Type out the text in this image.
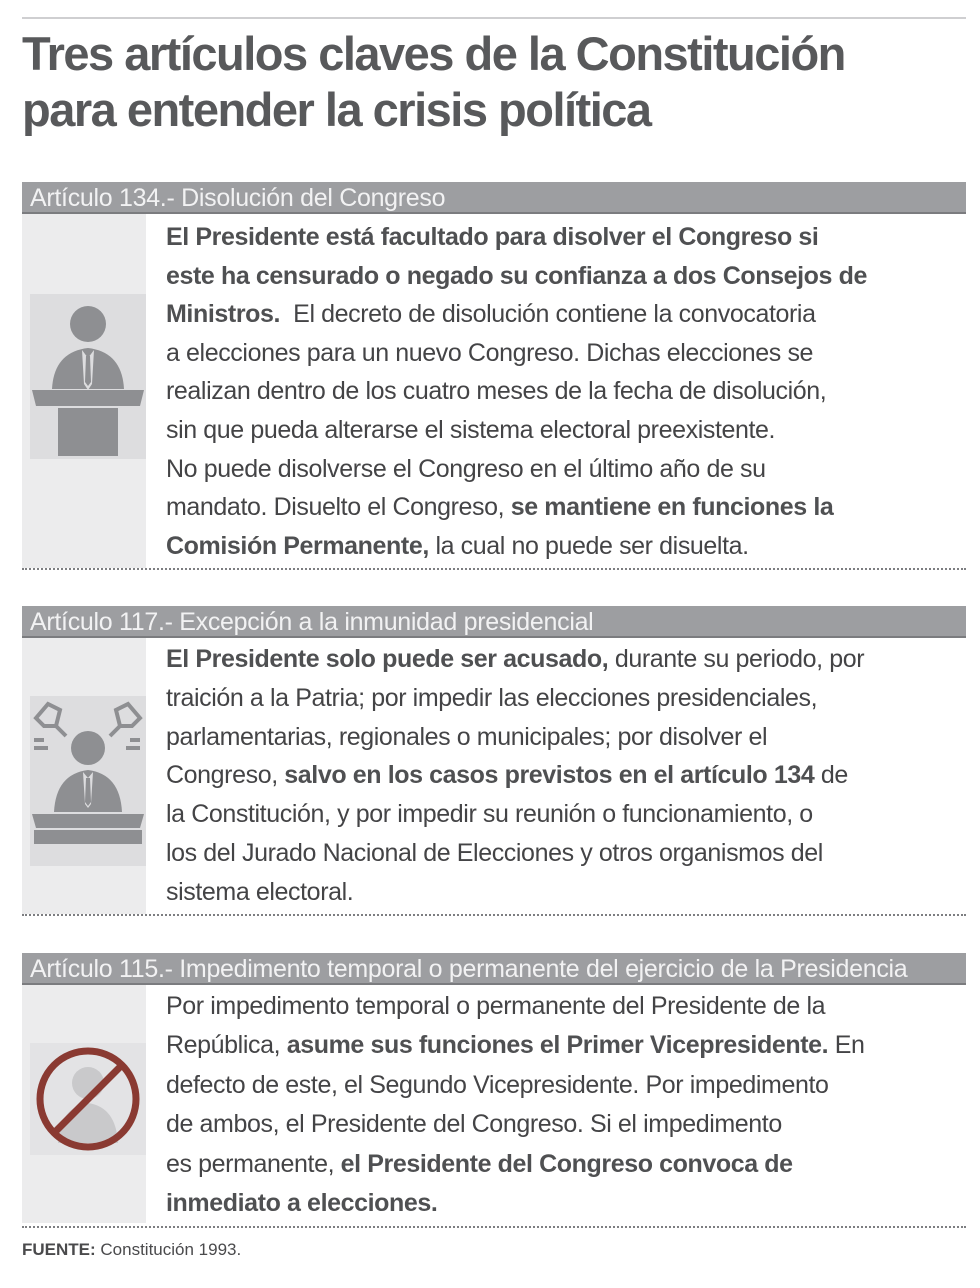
Tres artículos claves de la Constitución
para entender la crisis política
Artículo 134.- Disolución del Congreso
El Presidente está facultado para disolver el Congreso si
este ha censurado o negado su confianza a dos Consejos de
Ministros.  El decreto de disolución contiene la convocatoria
a elecciones para un nuevo Congreso. Dichas elecciones se
realizan dentro de los cuatro meses de la fecha de disolución,
sin que pueda alterarse el sistema electoral preexistente.
No puede disolverse el Congreso en el último año de su
mandato. Disuelto el Congreso, se mantiene en funciones la
Comisión Permanente, la cual no puede ser disuelta.
Artículo 117.- Excepción a la inmunidad presidencial
El Presidente solo puede ser acusado, durante su periodo, por
traición a la Patria; por impedir las elecciones presidenciales,
parlamentarias, regionales o municipales; por disolver el
Congreso, salvo en los casos previstos en el artículo 134 de
la Constitución, y por impedir su reunión o funcionamiento, o
los del Jurado Nacional de Elecciones y otros organismos del
sistema electoral.
Artículo 115.- Impedimento temporal o permanente del ejercicio de la Presidencia
Por impedimento temporal o permanente del Presidente de la
República, asume sus funciones el Primer Vicepresidente. En
defecto de este, el Segundo Vicepresidente. Por impedimento
de ambos, el Presidente del Congreso. Si el impedimento
es permanente, el Presidente del Congreso convoca de
inmediato a elecciones.
FUENTE: Constitución 1993.
